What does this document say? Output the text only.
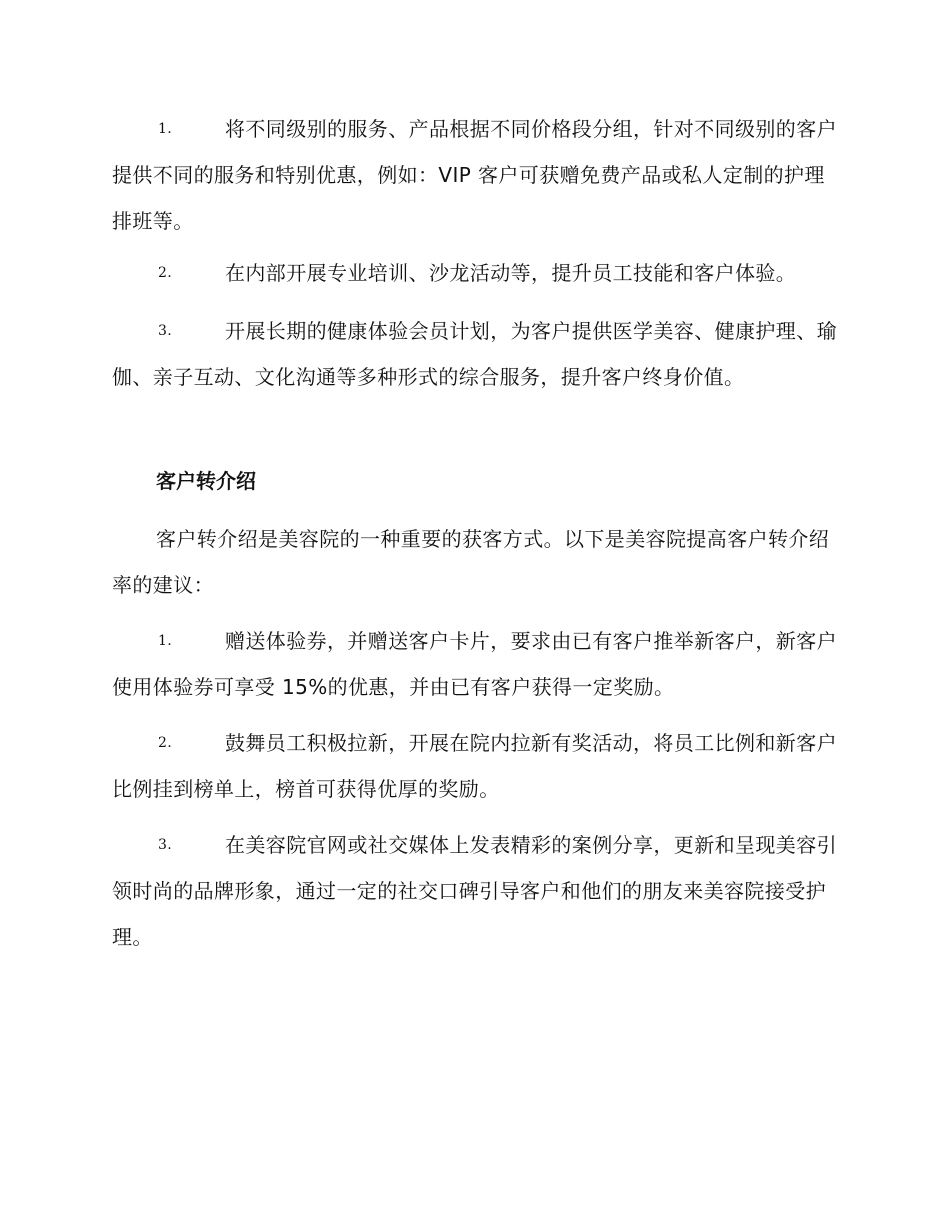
1.	将不同级别的服务、产品根据不同价格段分组，针对不同级别的客户提供不同的服务和特别优惠，例如：VIP 客户可获赠免费产品或私人定制的护理排班等。
2.	在内部开展专业培训、沙龙活动等，提升员工技能和客户体验。
3.	开展长期的健康体验会员计划，为客户提供医学美容、健康护理、瑜伽、亲子互动、文化沟通等多种形式的综合服务，提升客户终身价值。
客户转介绍
客户转介绍是美容院的一种重要的获客方式。以下是美容院提高客户转介绍率的建议：
1.	赠送体验券，并赠送客户卡片，要求由已有客户推举新客户，新客户使用体验券可享受 15%的优惠，并由已有客户获得一定奖励。
2.	鼓舞员工积极拉新，开展在院内拉新有奖活动，将员工比例和新客户比例挂到榜单上，榜首可获得优厚的奖励。
3.	在美容院官网或社交媒体上发表精彩的案例分享，更新和呈现美容引领时尚的品牌形象，通过一定的社交口碑引导客户和他们的朋友来美容院接受护理。
